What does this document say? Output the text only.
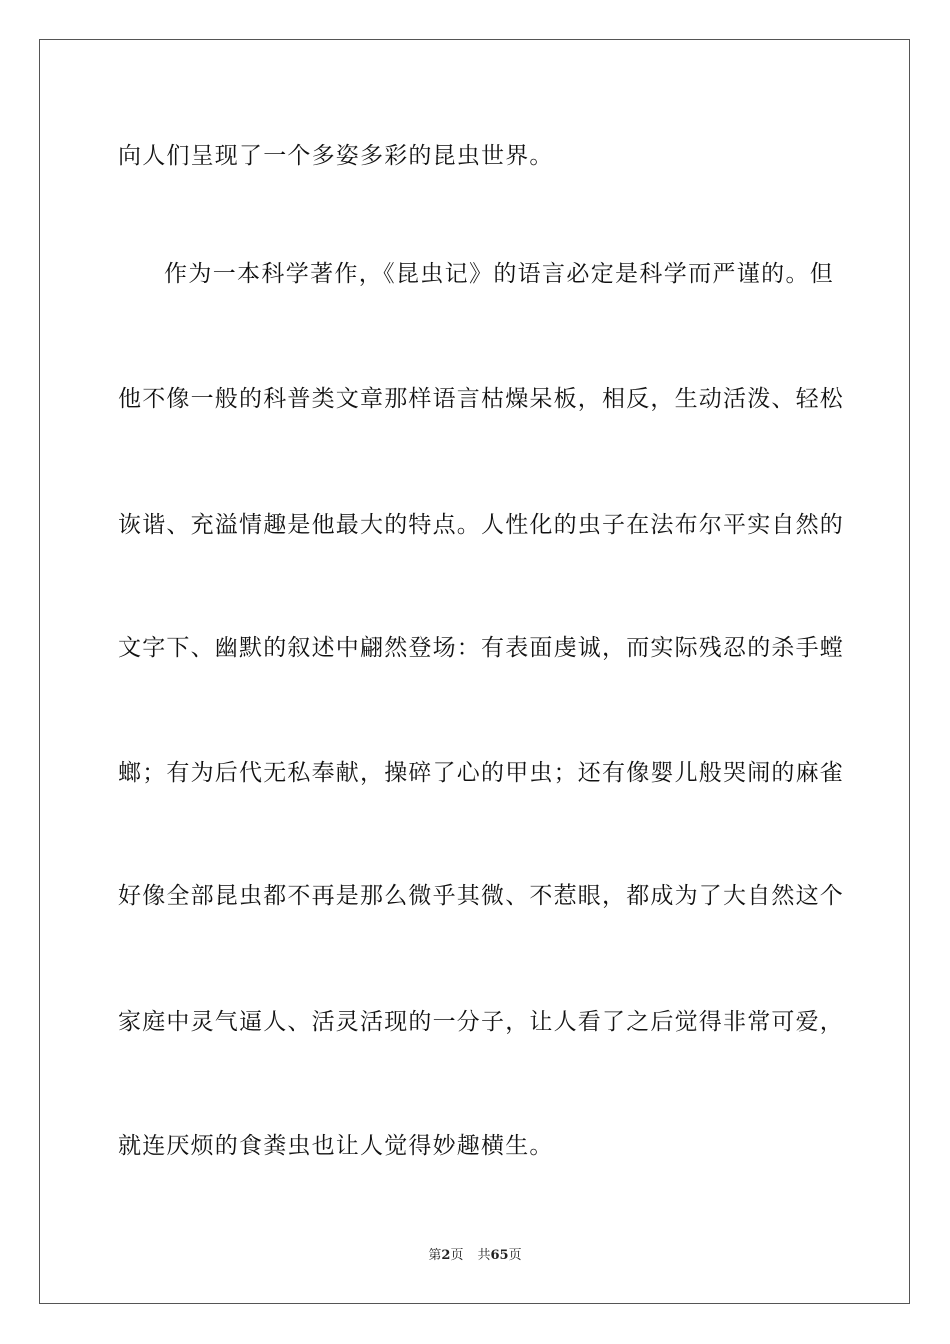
向人们呈现了一个多姿多彩的昆虫世界。
作为一本科学著作，《昆虫记》的语言必定是科学而严谨的。但
他不像一般的科普类文章那样语言枯燥呆板，相反，生动活泼、轻松
诙谐、充溢情趣是他最大的特点。人性化的虫子在法布尔平实自然的
文字下、幽默的叙述中翩然登场：有表面虔诚，而实际残忍的杀手螳
螂；有为后代无私奉献，操碎了心的甲虫；还有像婴儿般哭闹的麻雀
好像全部昆虫都不再是那么微乎其微、不惹眼，都成为了大自然这个
家庭中灵气逼人、活灵活现的一分子，让人看了之后觉得非常可爱，
就连厌烦的食粪虫也让人觉得妙趣横生。
第2页 共65页
